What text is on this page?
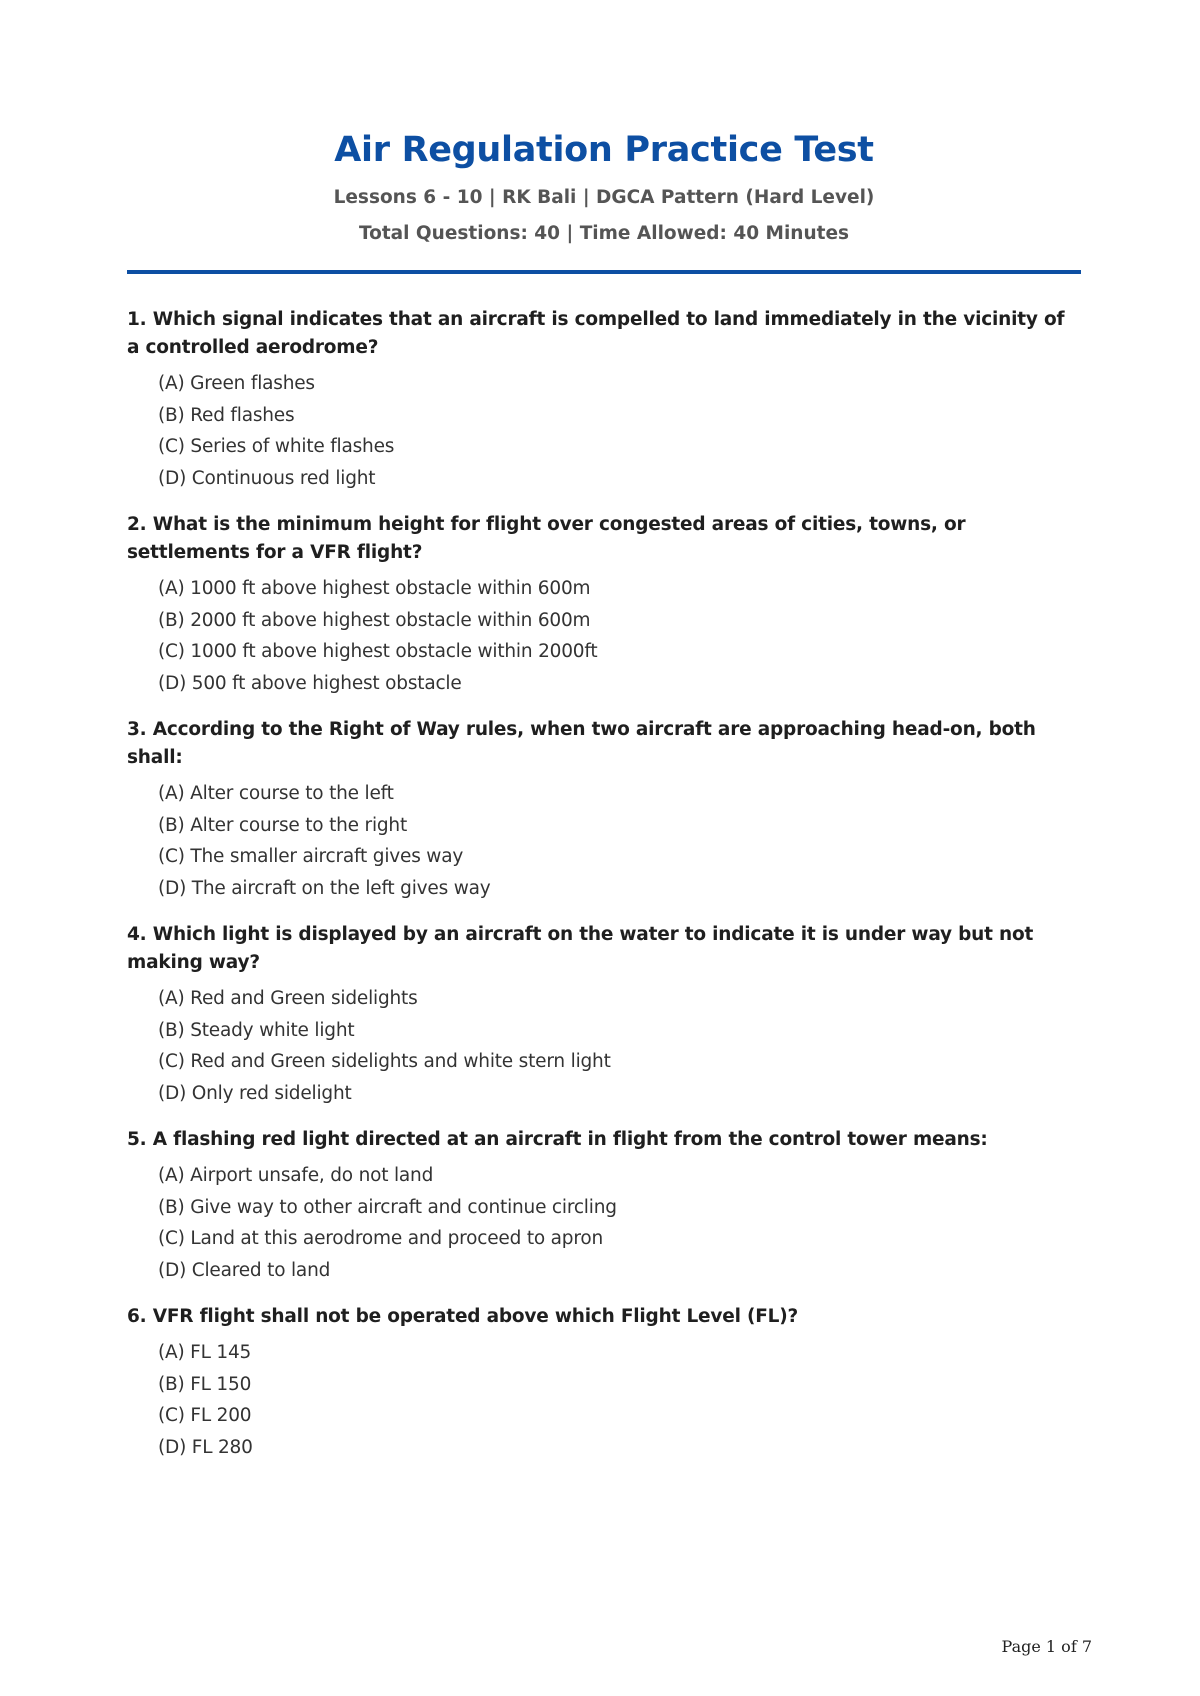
Air Regulation Practice Test
Lessons 6 - 10 | RK Bali | DGCA Pattern (Hard Level)
Total Questions: 40 | Time Allowed: 40 Minutes

1. Which signal indicates that an aircraft is compelled to land immediately in the vicinity of a controlled aerodrome?

(A) Green flashes
(B) Red flashes
(C) Series of white flashes
(D) Continuous red light

2. What is the minimum height for flight over congested areas of cities, towns, or settlements for a VFR flight?

(A) 1000 ft above highest obstacle within 600m
(B) 2000 ft above highest obstacle within 600m
(C) 1000 ft above highest obstacle within 2000ft
(D) 500 ft above highest obstacle

3. According to the Right of Way rules, when two aircraft are approaching head-on, both shall:

(A) Alter course to the left
(B) Alter course to the right
(C) The smaller aircraft gives way
(D) The aircraft on the left gives way

4. Which light is displayed by an aircraft on the water to indicate it is under way but not making way?

(A) Red and Green sidelights
(B) Steady white light
(C) Red and Green sidelights and white stern light
(D) Only red sidelight

5. A flashing red light directed at an aircraft in flight from the control tower means:

(A) Airport unsafe, do not land
(B) Give way to other aircraft and continue circling
(C) Land at this aerodrome and proceed to apron
(D) Cleared to land

6. VFR flight shall not be operated above which Flight Level (FL)?

(A) FL 145
(B) FL 150
(C) FL 200
(D) FL 280
Page 1 of 7
